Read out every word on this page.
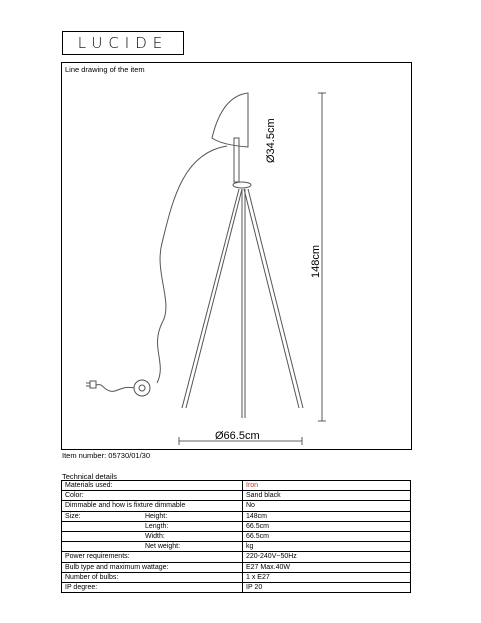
LUCIDE
Line drawing of the item
Ø34.5cm
148cm
Ø66.5cm
Item number: 05730/01/30
Technical details
Materials used:	Iron
Color:	Sand black
Dimmable and how is fixture dimmable	No
Size: Height:	148cm
Length:	66.5cm
Width:	66.5cm
Net weight:	kg
Power requirements:	220-240V~50Hz
Bulb type and maximum wattage:	E27 Max.40W
Number of bulbs:	1 x E27
IP degree:	IP 20
